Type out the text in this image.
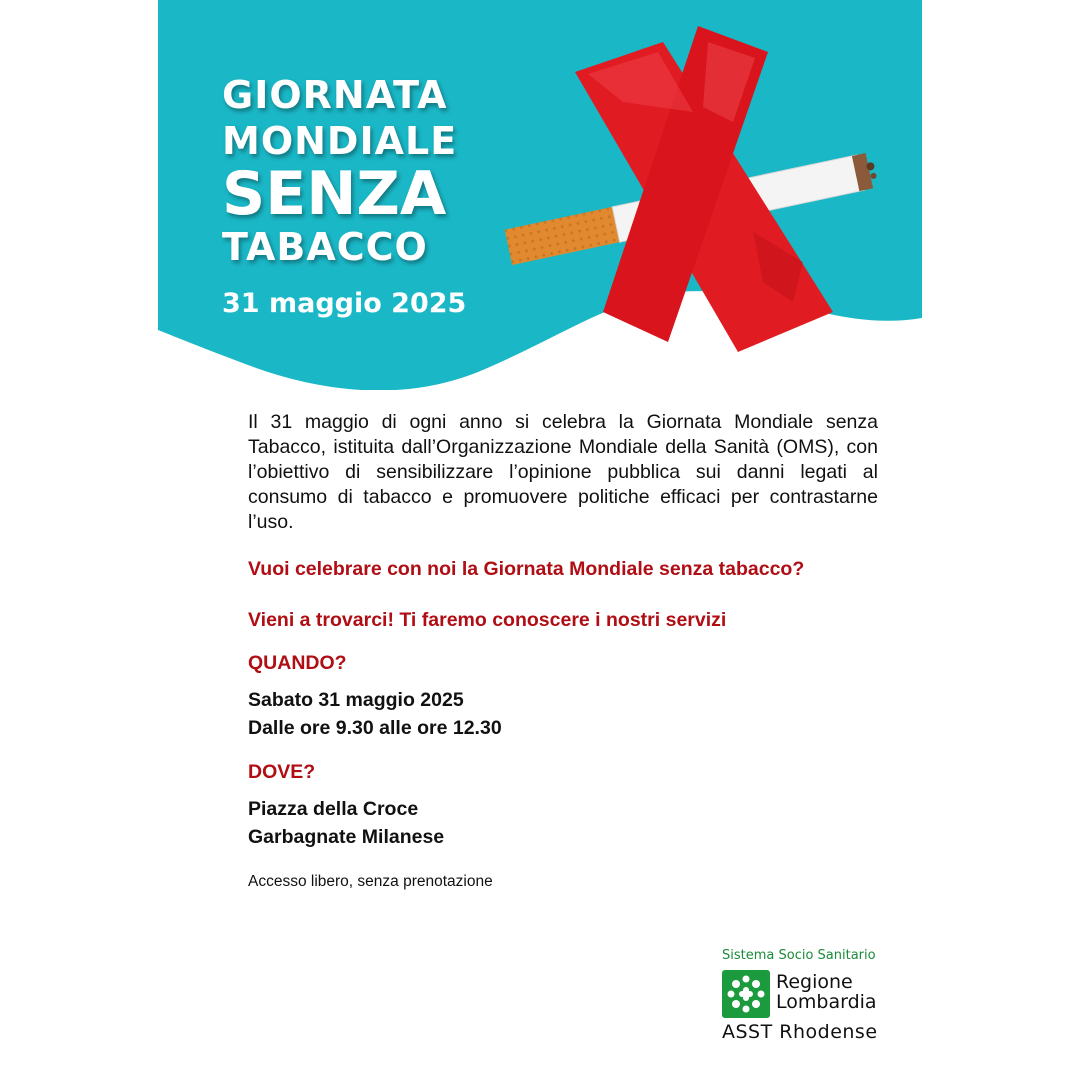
GIORNATA
MONDIALE
SENZA
TABACCO
31 maggio 2025

Il 31 maggio di ogni anno si celebra la Giornata Mondiale senza Tabacco, istituita dall’Organizzazione Mondiale della Sanità (OMS), con l’obiettivo di sensibilizzare l’opinione pubblica sui danni legati al consumo di tabacco e promuovere politiche efficaci per contrastarne l’uso.

Vuoi celebrare con noi la Giornata Mondiale senza tabacco?

Vieni a trovarci! Ti faremo conoscere i nostri servizi

QUANDO?

Sabato 31 maggio 2025
Dalle ore 9.30 alle ore 12.30

DOVE?

Piazza della Croce
Garbagnate Milanese

Accesso libero, senza prenotazione

Sistema Socio Sanitario
Regione
Lombardia
ASST Rhodense
